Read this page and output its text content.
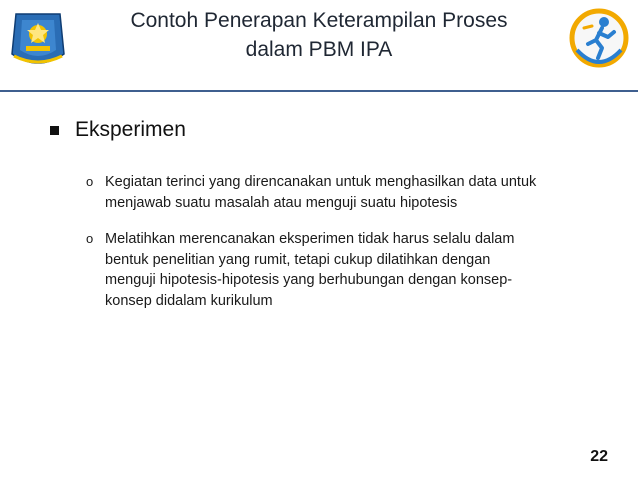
Contoh Penerapan Keterampilan Proses
dalam PBM IPA
Eksperimen
o Kegiatan terinci yang direncanakan untuk menghasilkan data untuk
menjawab suatu masalah atau menguji suatu hipotesis
o Melatihkan merencanakan eksperimen tidak harus selalu dalam
bentuk penelitian yang rumit, tetapi cukup dilatihkan dengan
menguji hipotesis-hipotesis yang berhubungan dengan konsep-
konsep didalam kurikulum
22
